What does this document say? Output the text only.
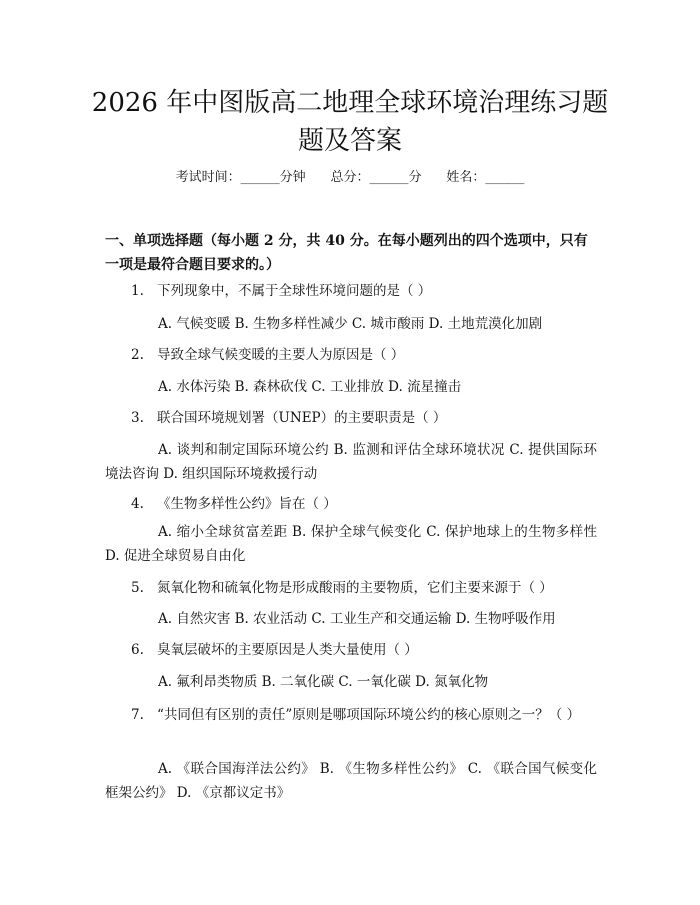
2026 年中图版高二地理全球环境治理练习题题及答案
考试时间：______分钟 总分：______分 姓名：______
一、单项选择题（每小题 2 分，共 40 分。在每小题列出的四个选项中，只有一项是最符合题目要求的。）
1. 下列现象中，不属于全球性环境问题的是（ ）
A. 气候变暖 B. 生物多样性减少 C. 城市酸雨 D. 土地荒漠化加剧
2. 导致全球气候变暖的主要人为原因是（ ）
A. 水体污染 B. 森林砍伐 C. 工业排放 D. 流星撞击
3. 联合国环境规划署（UNEP）的主要职责是（ ）
A. 谈判和制定国际环境公约 B. 监测和评估全球环境状况 C. 提供国际环境法咨询 D. 组织国际环境救援行动
4. 《生物多样性公约》旨在（ ）
A. 缩小全球贫富差距 B. 保护全球气候变化 C. 保护地球上的生物多样性 D. 促进全球贸易自由化
5. 氮氧化物和硫氧化物是形成酸雨的主要物质，它们主要来源于（ ）
A. 自然灾害 B. 农业活动 C. 工业生产和交通运输 D. 生物呼吸作用
6. 臭氧层破坏的主要原因是人类大量使用（ ）
A. 氟利昂类物质 B. 二氧化碳 C. 一氧化碳 D. 氮氧化物
7. “共同但有区别的责任”原则是哪项国际环境公约的核心原则之一？（ ）
A. 《联合国海洋法公约》 B. 《生物多样性公约》 C. 《联合国气候变化框架公约》 D. 《京都议定书》
